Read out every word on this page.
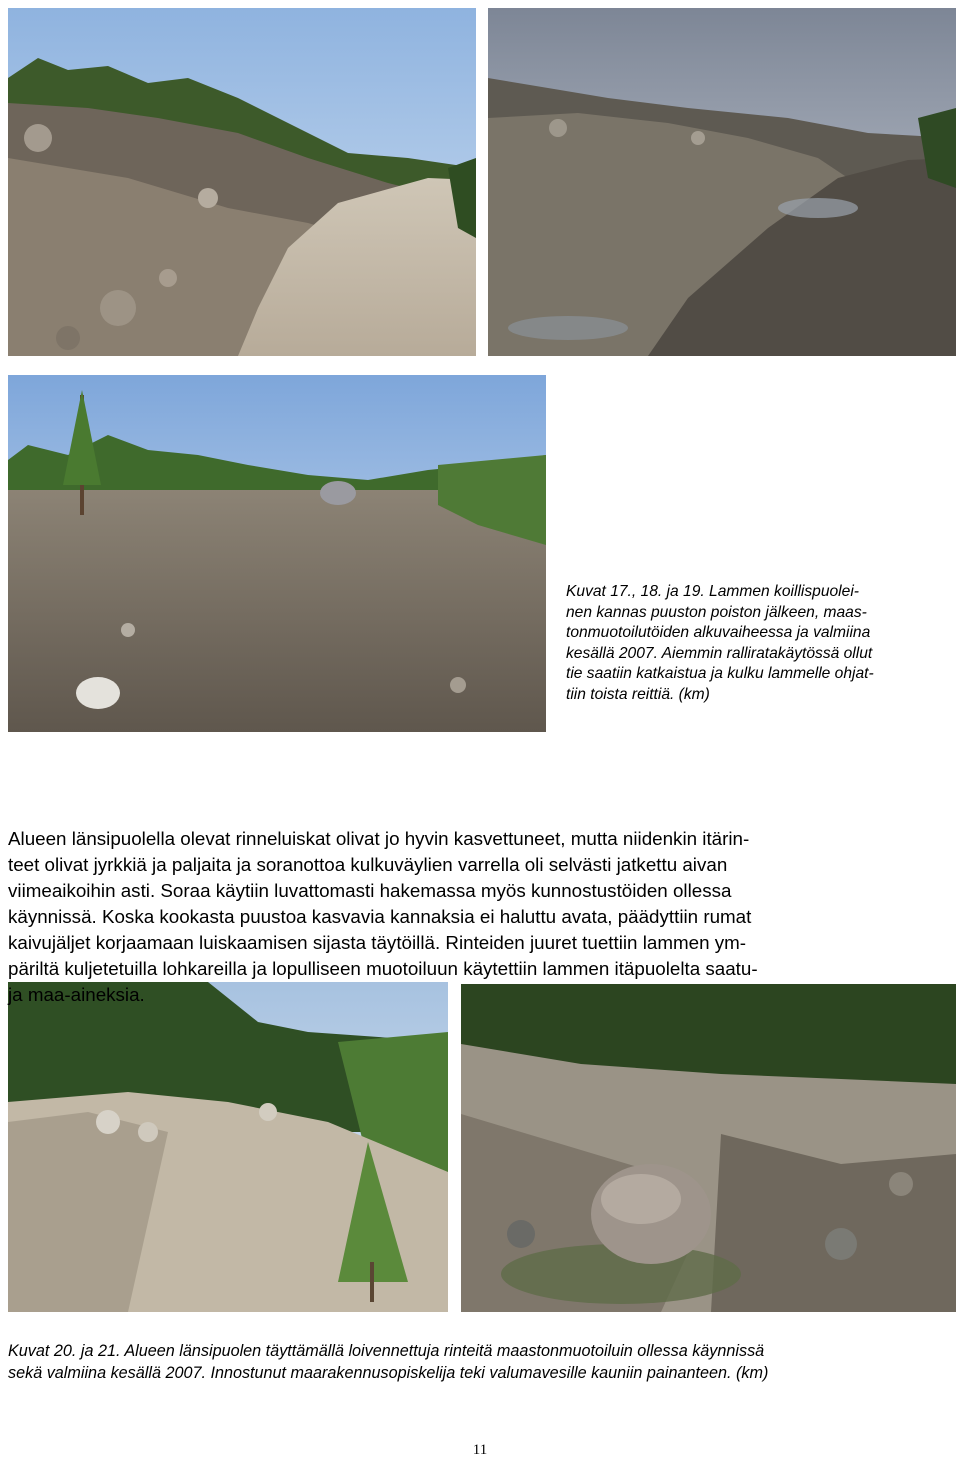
Kuvat 17., 18. ja 19. Lammen koillispuolei-

nen kannas puuston poiston jälkeen, maas-

tonmuotoilutöiden alkuvaiheessa ja valmiina

kesällä 2007. Aiemmin ralliratakäytössä ollut

tie saatiin katkaistua ja kulku lammelle ohjat-

tiin toista reittiä. (km)

Alueen länsipuolella olevat rinneluiskat olivat jo hyvin kasvettuneet, mutta niidenkin itärin-

teet olivat jyrkkiä ja paljaita ja soranottoa kulkuväylien varrella oli selvästi jatkettu aivan

viimeaikoihin asti. Soraa käytiin luvattomasti hakemassa myös kunnostustöiden ollessa

käynnissä. Koska kookasta puustoa kasvavia kannaksia ei haluttu avata, päädyttiin rumat

kaivujäljet korjaamaan luiskaamisen sijasta täytöillä. Rinteiden juuret tuettiin lammen ym-

päriltä kuljetetuilla lohkareilla ja lopulliseen muotoiluun käytettiin lammen itäpuolelta saatu-

ja maa-aineksia.

Kuvat 20. ja 21. Alueen länsipuolen täyttämällä loivennettuja rinteitä maastonmuotoiluin ollessa käynnissä

sekä valmiina kesällä 2007. Innostunut maarakennusopiskelija teki valumavesille kauniin painanteen. (km)

11
